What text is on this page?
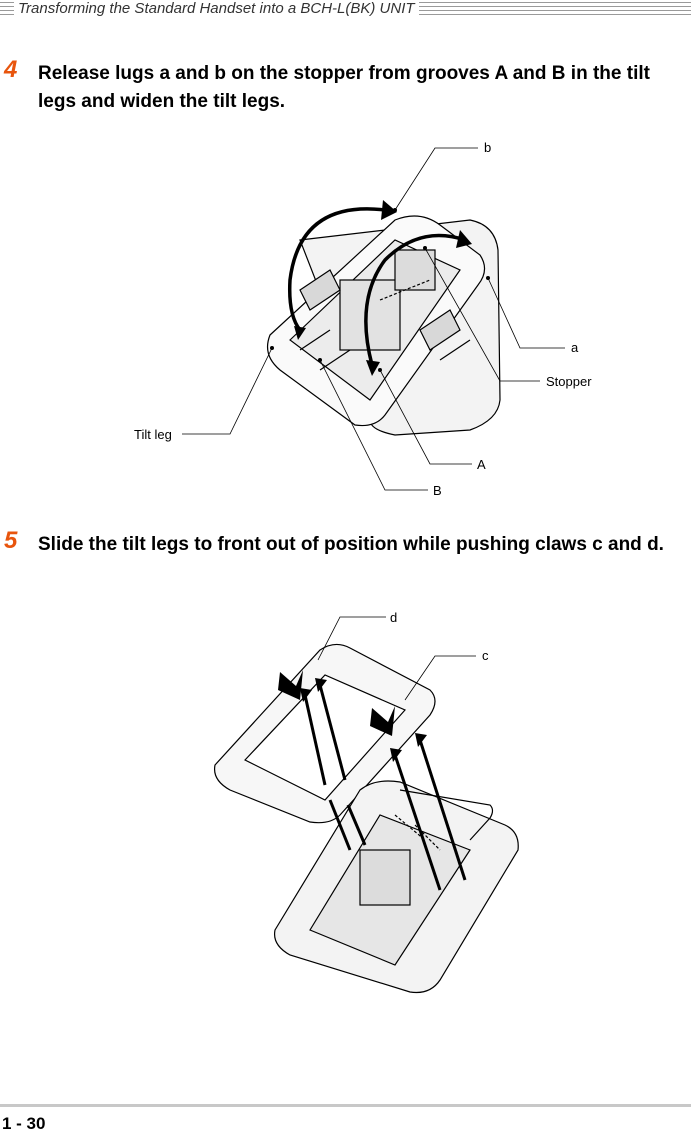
Transforming the Standard Handset into a BCH-L(BK) UNIT
4 Release lugs a and b on the stopper from grooves A and B in the tilt legs and widen the tilt legs.
b
a
Stopper
Tilt leg
A
B
5 Slide the tilt legs to front out of position while pushing claws c and d.
d
c
1 - 30
